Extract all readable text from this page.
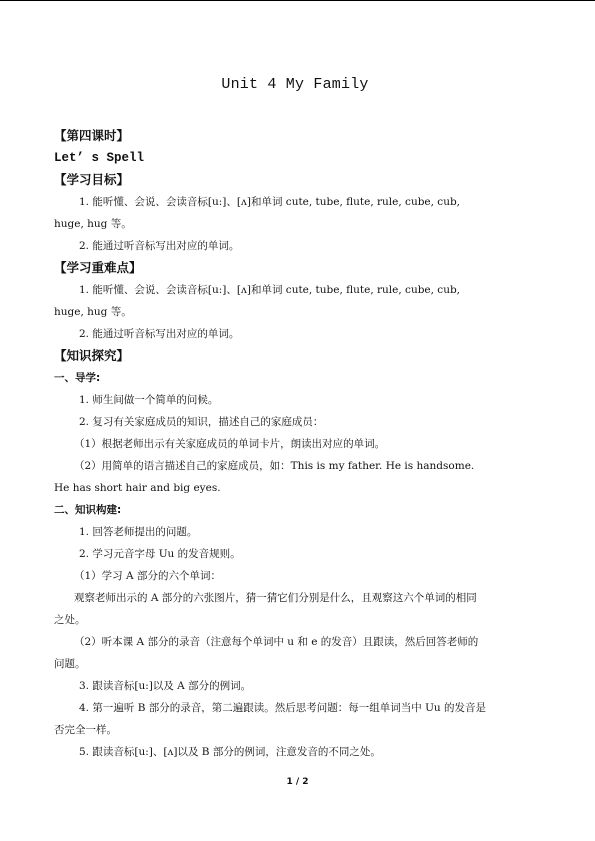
Unit 4 My Family
【第四课时】
Let’ s Spell
【学习目标】
1. 能听懂、会说、会读音标[u:]、[ʌ]和单词 cute, tube, flute, rule, cube, cub,
huge, hug 等。
2. 能通过听音标写出对应的单词。
【学习重难点】
1. 能听懂、会说、会读音标[u:]、[ʌ]和单词 cute, tube, flute, rule, cube, cub,
huge, hug 等。
2. 能通过听音标写出对应的单词。
【知识探究】
一、导学:
1. 师生间做一个简单的问候。
2. 复习有关家庭成员的知识，描述自己的家庭成员：
（1）根据老师出示有关家庭成员的单词卡片，朗读出对应的单词。
（2）用简单的语言描述自己的家庭成员，如：This is my father. He is handsome.
He has short hair and big eyes.
二、知识构建:
1. 回答老师提出的问题。
2. 学习元音字母 Uu 的发音规则。
（1）学习 A 部分的六个单词：
观察老师出示的 A 部分的六张图片，猜一猜它们分别是什么，且观察这六个单词的相同
之处。
（2）听本课 A 部分的录音（注意每个单词中 u 和 e 的发音）且跟读，然后回答老师的
问题。
3. 跟读音标[u:]以及 A 部分的例词。
4. 第一遍听 B 部分的录音，第二遍跟读。然后思考问题：每一组单词当中 Uu 的发音是
否完全一样。
5. 跟读音标[u:]、[ʌ]以及 B 部分的例词，注意发音的不同之处。
1 / 2
